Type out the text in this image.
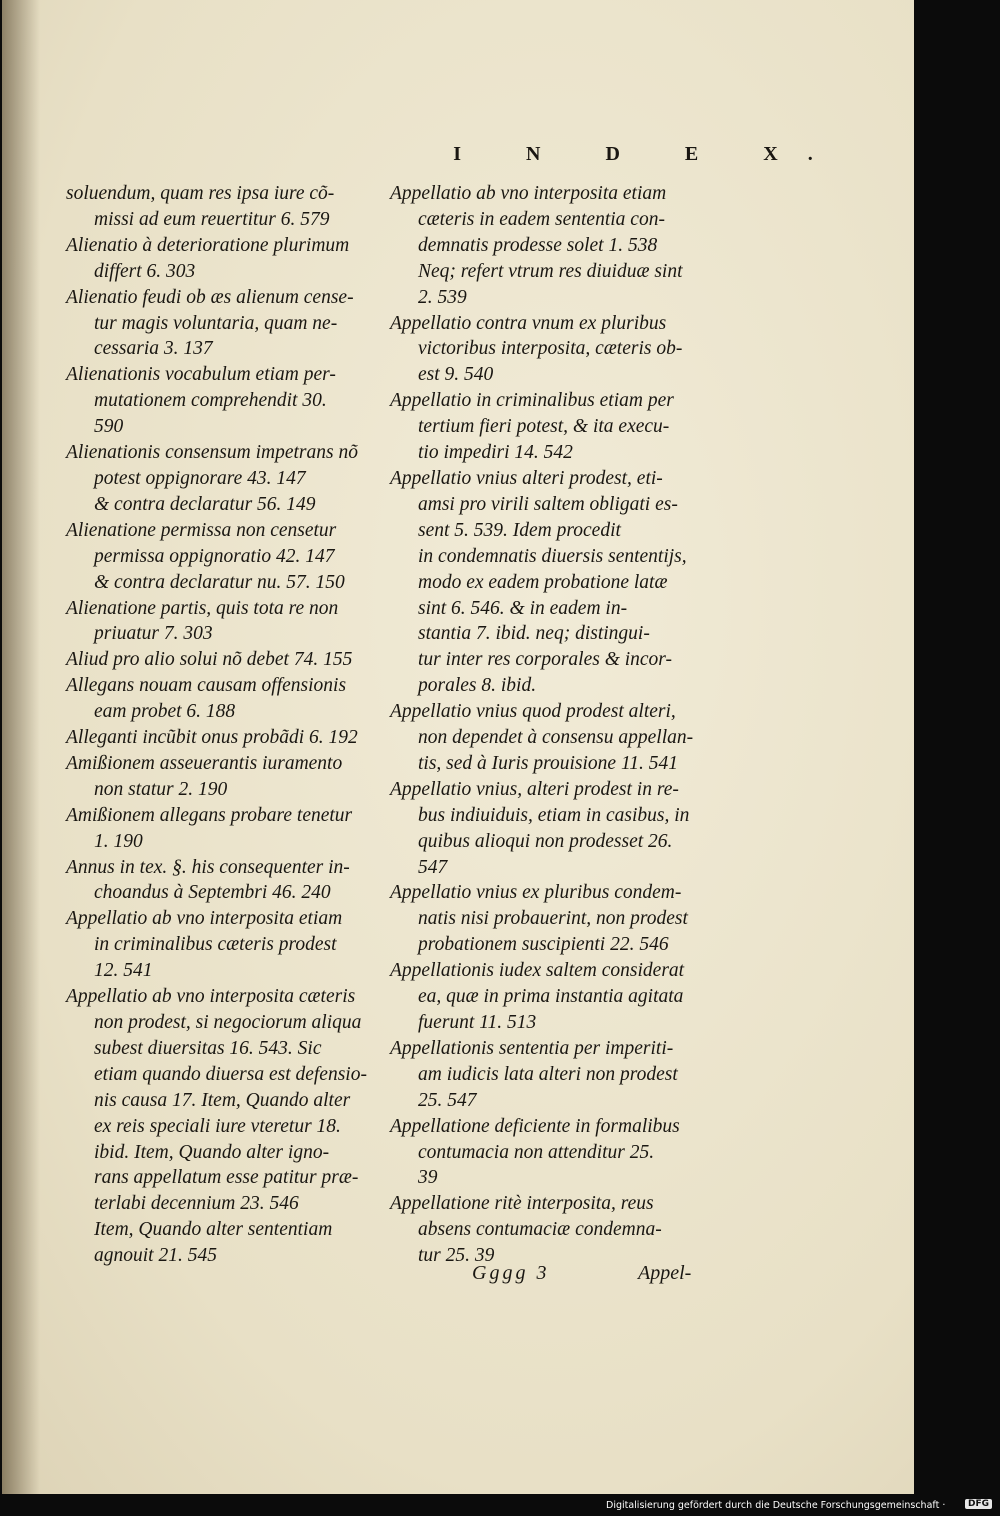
I N D E X.
soluendum, quam res ipsa iure cõ-
missi ad eum reuertitur 6. 579
Alienatio à deterioratione plurimum
differt 6. 303
Alienatio feudi ob æs alienum cense-
tur magis voluntaria, quam ne-
cessaria 3. 137
Alienationis vocabulum etiam per-
mutationem comprehendit 30.
590
Alienationis consensum impetrans nõ
potest oppignorare 43. 147
& contra declaratur 56. 149
Alienatione permissa non censetur
permissa oppignoratio 42. 147
& contra declaratur nu. 57. 150
Alienatione partis, quis tota re non
priuatur 7. 303
Aliud pro alio solui nõ debet 74. 155
Allegans nouam causam offensionis
eam probet 6. 188
Alleganti incũbit onus probãdi 6. 192
Amißionem asseuerantis iuramento
non statur 2. 190
Amißionem allegans probare tenetur
1. 190
Annus in tex. §. his consequenter in-
choandus à Septembri 46. 240
Appellatio ab vno interposita etiam
in criminalibus cæteris prodest
12. 541
Appellatio ab vno interposita cæteris
non prodest, si negociorum aliqua
subest diuersitas 16. 543. Sic
etiam quando diuersa est defensio-
nis causa 17. Item, Quando alter
ex reis speciali iure vteretur 18.
ibid. Item, Quando alter igno-
rans appellatum esse patitur præ-
terlabi decennium 23. 546
Item, Quando alter sententiam
agnouit 21. 545
Appellatio ab vno interposita etiam
cæteris in eadem sententia con-
demnatis prodesse solet 1. 538
Neq; refert vtrum res diuiduæ sint
2. 539
Appellatio contra vnum ex pluribus
victoribus interposita, cæteris ob-
est 9. 540
Appellatio in criminalibus etiam per
tertium fieri potest, & ita execu-
tio impediri 14. 542
Appellatio vnius alteri prodest, eti-
amsi pro virili saltem obligati es-
sent 5. 539. Idem procedit
in condemnatis diuersis sententijs,
modo ex eadem probatione latæ
sint 6. 546. & in eadem in-
stantia 7. ibid. neq; distingui-
tur inter res corporales & incor-
porales 8. ibid.
Appellatio vnius quod prodest alteri,
non dependet à consensu appellan-
tis, sed à Iuris prouisione 11. 541
Appellatio vnius, alteri prodest in re-
bus indiuiduis, etiam in casibus, in
quibus alioqui non prodesset 26.
547
Appellatio vnius ex pluribus condem-
natis nisi probauerint, non prodest
probationem suscipienti 22. 546
Appellationis iudex saltem considerat
ea, quæ in prima instantia agitata
fuerunt 11. 513
Appellationis sententia per imperiti-
am iudicis lata alteri non prodest
25. 547
Appellatione deficiente in formalibus
contumacia non attenditur 25.
39
Appellatione ritè interposita, reus
absens contumaciæ condemna-
tur 25. 39
Gggg 3	Appel-
Digitalisierung gefördert durch die Deutsche Forschungsgemeinschaft ·	DFG
